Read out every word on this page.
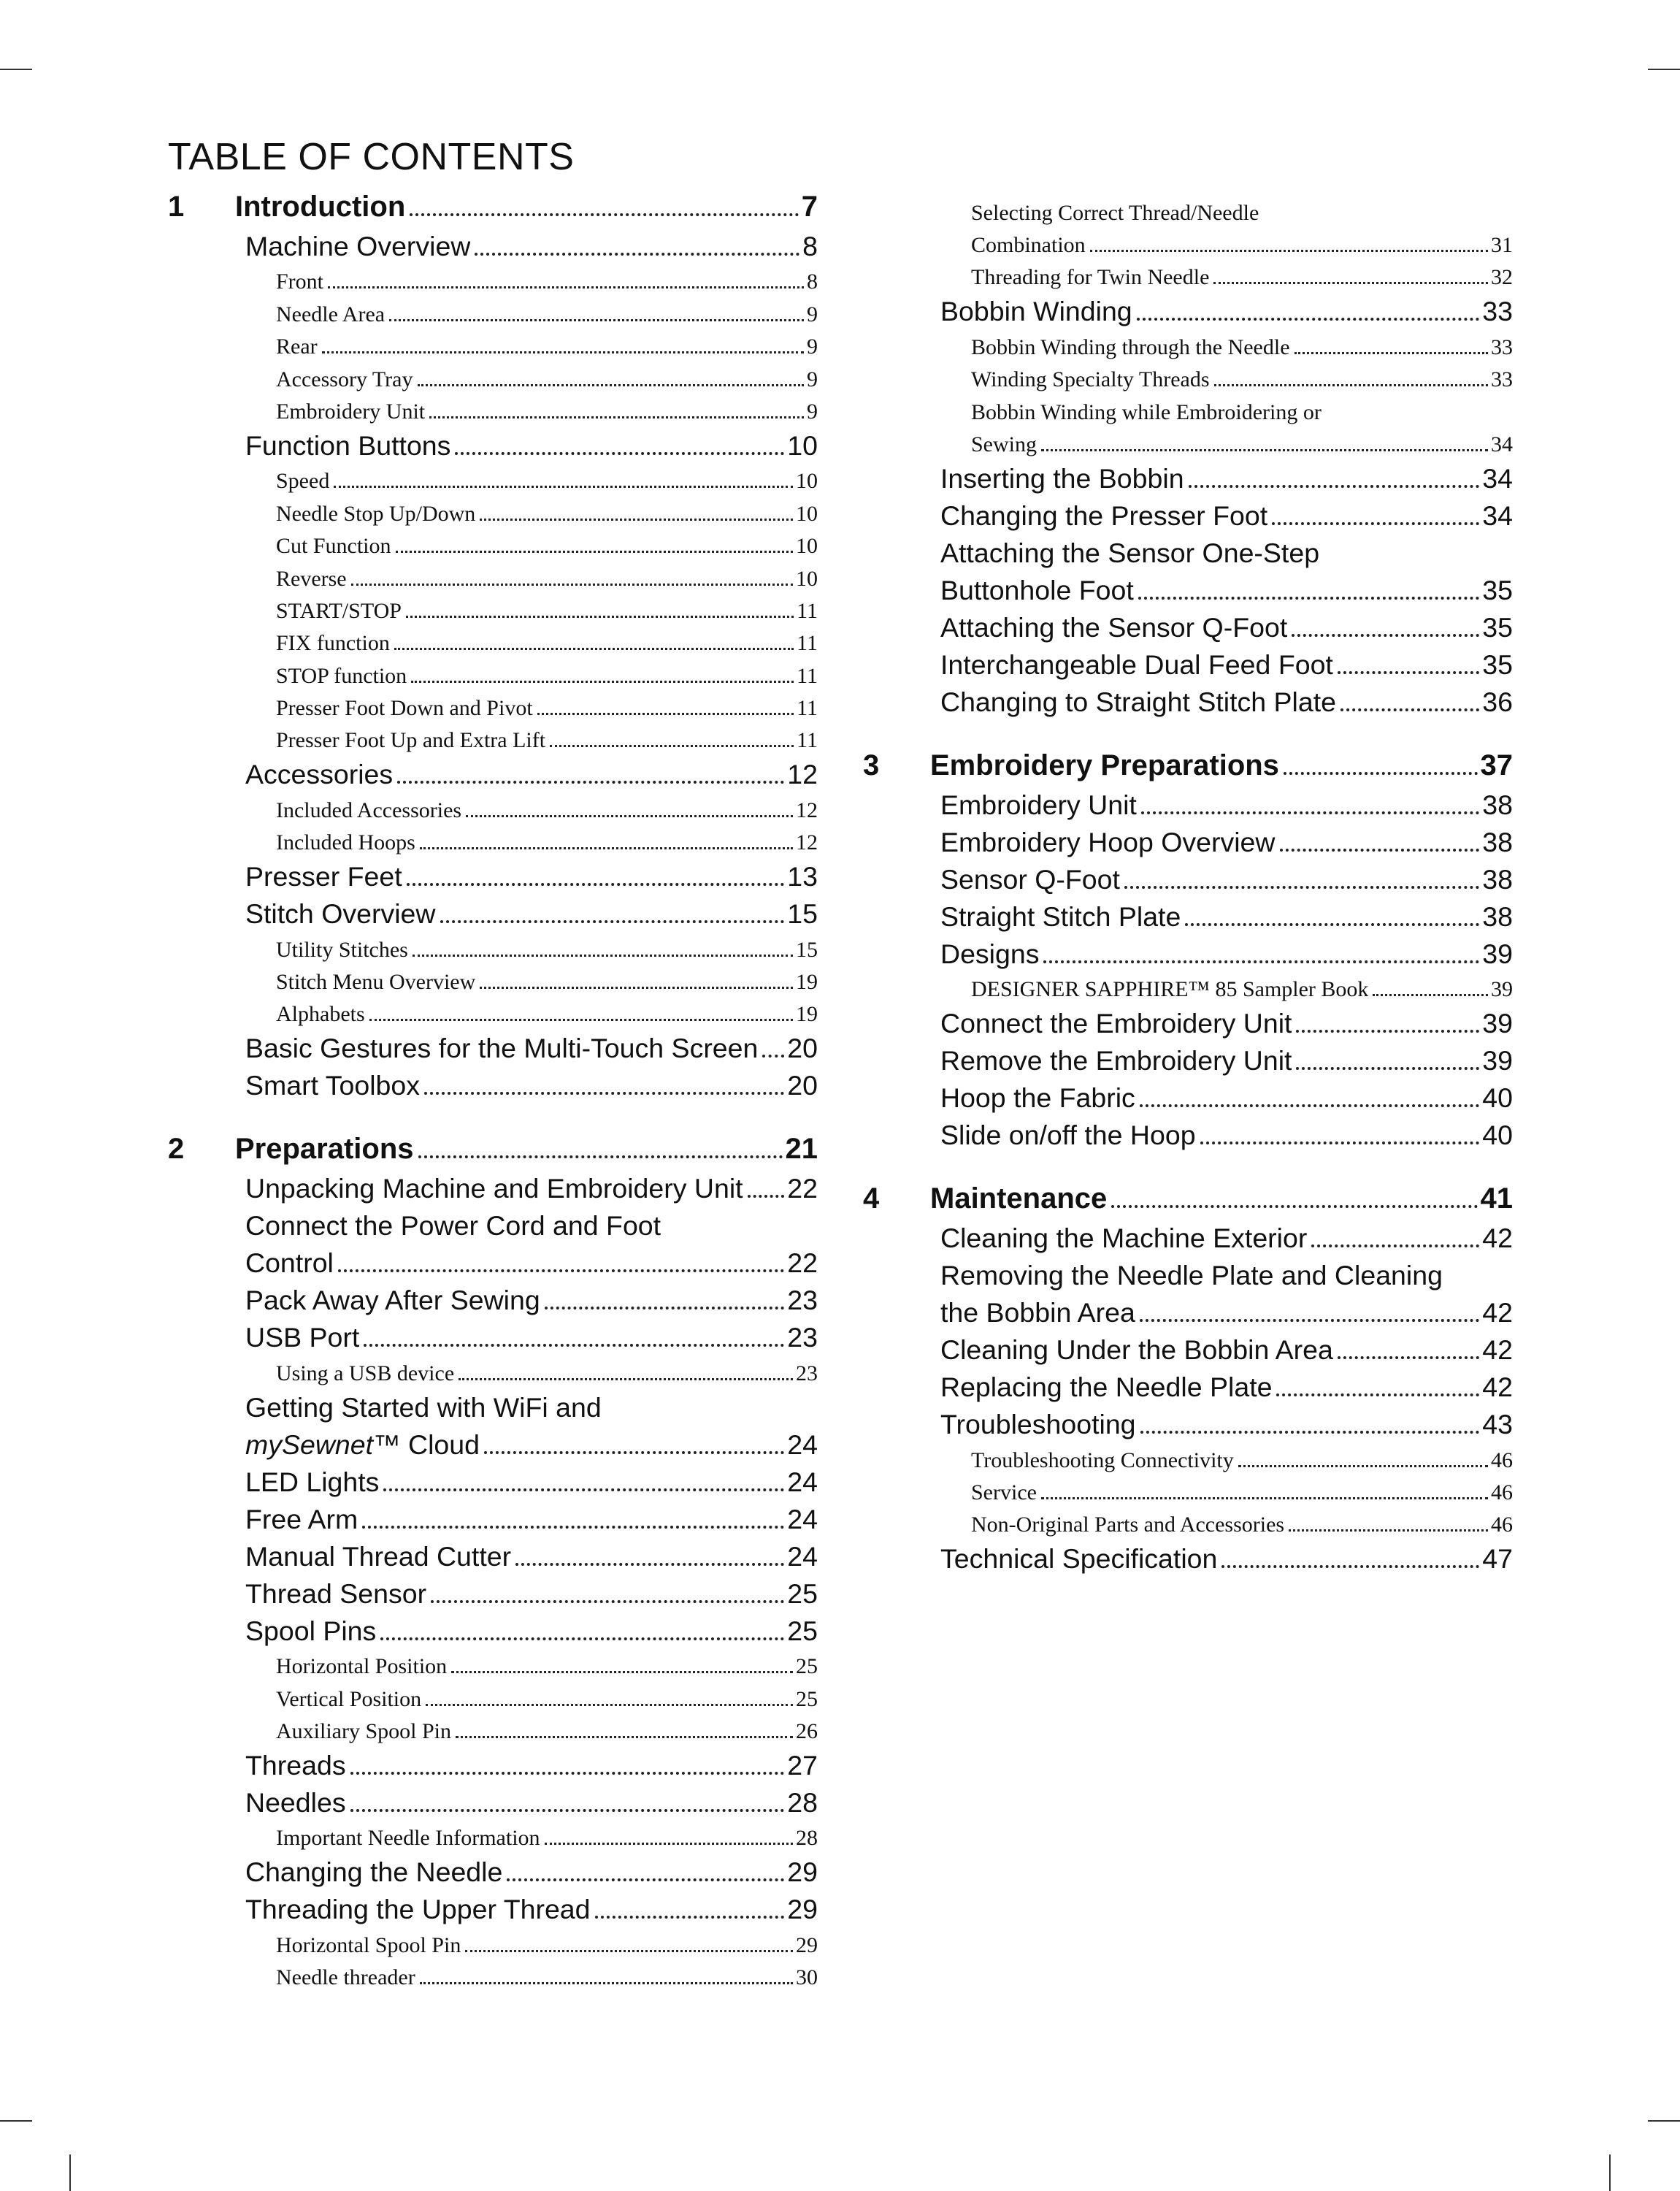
TABLE OF CONTENTS
1 Introduction	7
Machine Overview	8
Front	8
Needle Area	9
Rear	9
Accessory Tray	9
Embroidery Unit	9
Function Buttons	10
Speed	10
Needle Stop Up/Down	10
Cut Function	10
Reverse	10
START/STOP	11
FIX function	11
STOP function	11
Presser Foot Down and Pivot	11
Presser Foot Up and Extra Lift	11
Accessories	12
Included Accessories	12
Included Hoops	12
Presser Feet	13
Stitch Overview	15
Utility Stitches	15
Stitch Menu Overview	19
Alphabets	19
Basic Gestures for the Multi-Touch Screen 20
Smart Toolbox	20
2 Preparations	21
Unpacking Machine and Embroidery Unit 22
Connect the Power Cord and Foot
Control	22
Pack Away After Sewing	23
USB Port	23
Using a USB device	23
Getting Started with WiFi and
mySewnet™ Cloud	24
LED Lights	24
Free Arm	24
Manual Thread Cutter	24
Thread Sensor	25
Spool Pins	25
Horizontal Position	25
Vertical Position	25
Auxiliary Spool Pin	26
Threads	27
Needles	28
Important Needle Information	28
Changing the Needle	29
Threading the Upper Thread	29
Horizontal Spool Pin	29
Needle threader	30
Selecting Correct Thread/Needle
Combination	31
Threading for Twin Needle	32
Bobbin Winding	33
Bobbin Winding through the Needle	33
Winding Specialty Threads	33
Bobbin Winding while Embroidering or
Sewing	34
Inserting the Bobbin	34
Changing the Presser Foot	34
Attaching the Sensor One-Step
Buttonhole Foot	35
Attaching the Sensor Q-Foot	35
Interchangeable Dual Feed Foot	35
Changing to Straight Stitch Plate	36
3 Embroidery Preparations	37
Embroidery Unit	38
Embroidery Hoop Overview	38
Sensor Q-Foot	38
Straight Stitch Plate	38
Designs	39
DESIGNER SAPPHIRE™ 85 Sampler Book	39
Connect the Embroidery Unit	39
Remove the Embroidery Unit	39
Hoop the Fabric	40
Slide on/off the Hoop	40
4 Maintenance	41
Cleaning the Machine Exterior	42
Removing the Needle Plate and Cleaning
the Bobbin Area	42
Cleaning Under the Bobbin Area	42
Replacing the Needle Plate	42
Troubleshooting	43
Troubleshooting Connectivity	46
Service	46
Non-Original Parts and Accessories	46
Technical Specification	47
